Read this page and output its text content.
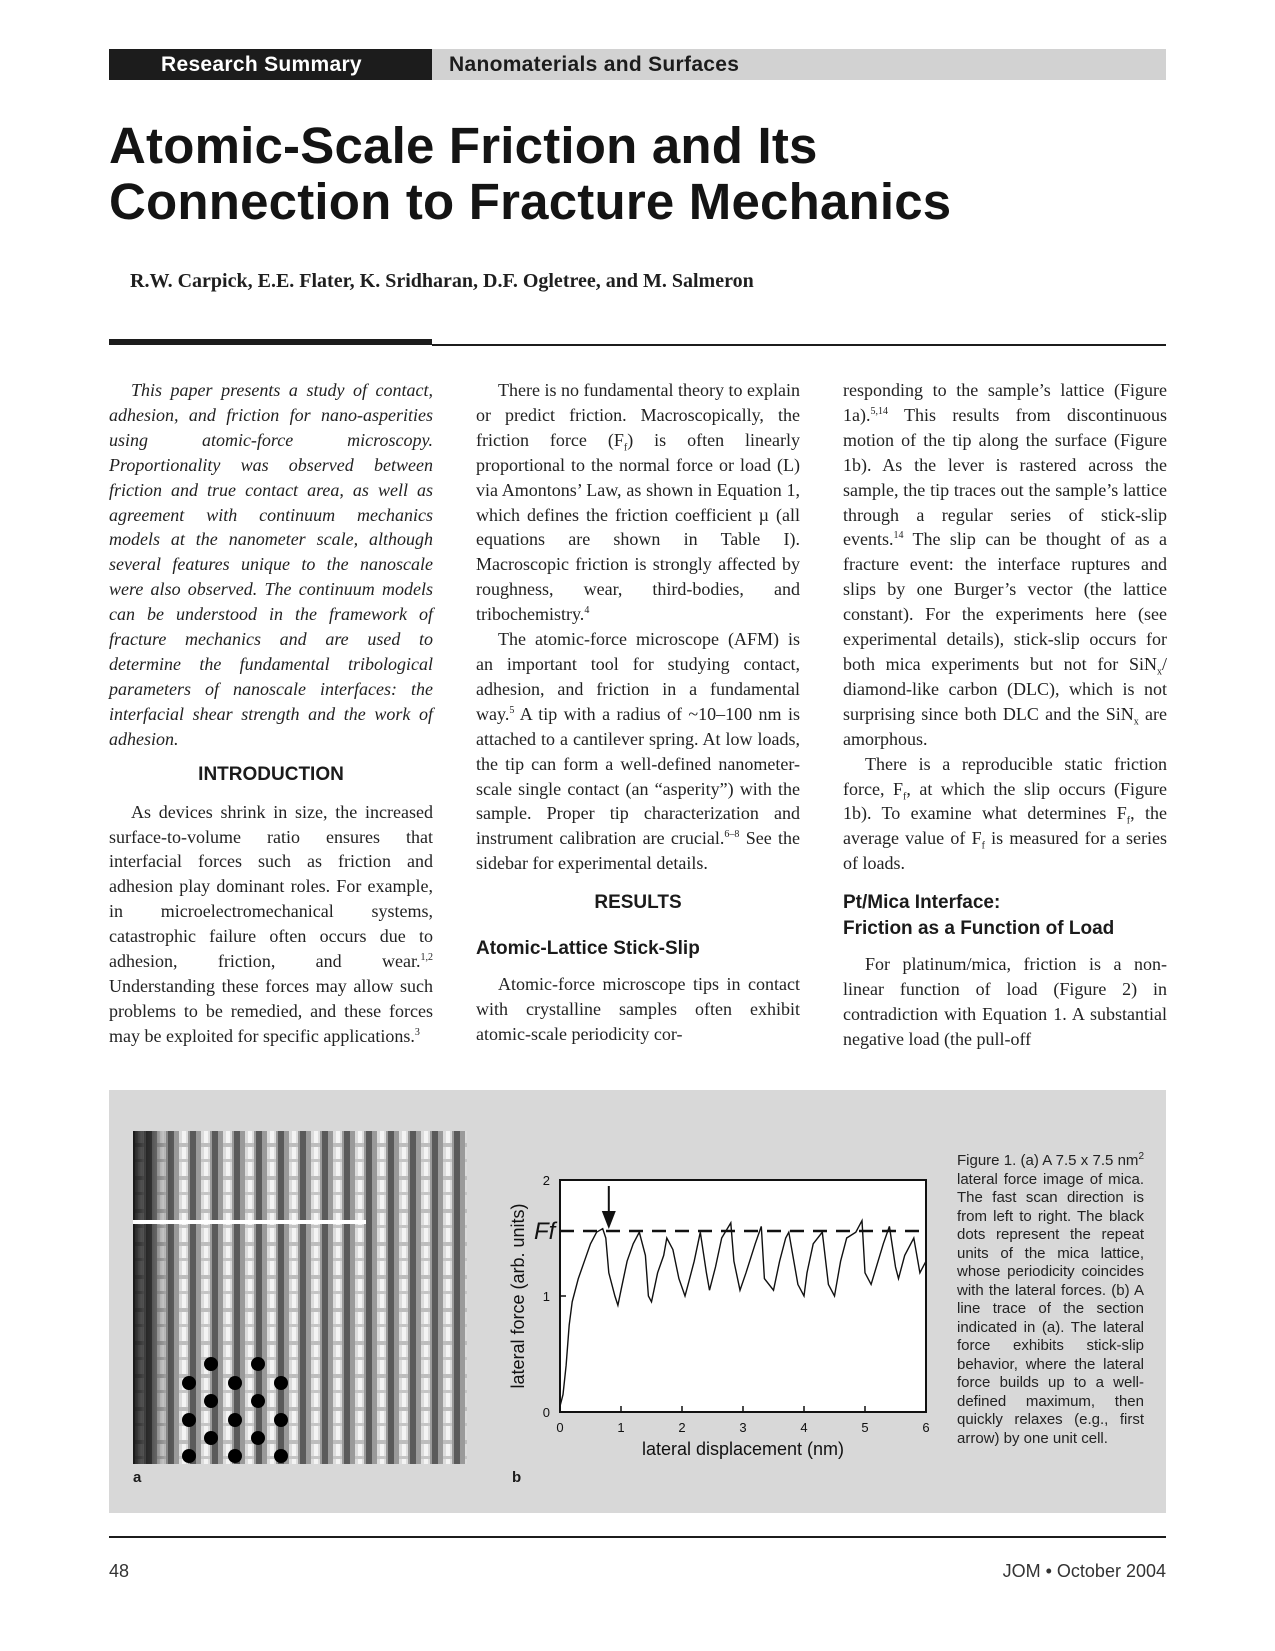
Research Summary	Nanomaterials and Surfaces
Atomic-Scale Friction and Its
Connection to Fracture Mechanics
R.W. Carpick, E.E. Flater, K. Sridharan, D.F. Ogletree, and M. Salmeron

This paper presents a study of contact, adhesion, and friction for nano-asperities using atomic-force microscopy. Proportionality was observed between friction and true contact area, as well as agreement with continuum mechanics models at the nanometer scale, although several features unique to the nanoscale were also observed. The continuum models can be understood in the framework of fracture mechanics and are used to determine the fundamental tribological parameters of nanoscale interfaces: the interfacial shear strength and the work of adhesion.

INTRODUCTION

As devices shrink in size, the increased surface-to-volume ratio ensures that interfacial forces such as friction and adhesion play dominant roles. For example, in microelectromechanical systems, catastrophic failure often occurs due to adhesion, friction, and wear.$^{1,2}$ Understanding these forces may allow such problems to be remedied, and these forces may be exploited for specific applications.$^3$

There is no fundamental theory to explain or predict friction. Macroscopically, the friction force $(F_f)$ is often linearly proportional to the normal force or load (L) via Amontons’ Law, as shown in Equation 1, which defines the friction coefficient µ (all equations are shown in Table I). Macroscopic friction is strongly affected by roughness, wear, third-bodies, and tribochemistry.$^4$

The atomic-force microscope (AFM) is an important tool for studying contact, adhesion, and friction in a fundamental way.$^5$ A tip with a radius of ~10–100 nm is attached to a cantilever spring. At low loads, the tip can form a well-defined nanometer-scale single contact (an “asperity”) with the sample. Proper tip characterization and instrument calibration are crucial.$^{6-8}$ See the sidebar for experimental details.

RESULTS
Atomic-Lattice Stick-Slip

Atomic-force microscope tips in contact with crystalline samples often exhibit atomic-scale periodicity cor-

responding to the sample’s lattice (Figure 1a).$^{5,14}$ This results from discontinuous motion of the tip along the surface (Figure 1b). As the lever is rastered across the sample, the tip traces out the sample’s lattice through a regular series of stick-slip events.$^{14}$ The slip can be thought of as a fracture event: the interface ruptures and slips by one Burger’s vector (the lattice constant). For the experiments here (see experimental details), stick-slip occurs for both mica experiments but not for SiN$_x$/ diamond-like carbon (DLC), which is not surprising since both DLC and the SiN$_x$ are amorphous.

There is a reproducible static friction force, $F_f$, at which the slip occurs (Figure 1b). To examine what determines $F_f$, the average value of $F_f$ is measured for a series of loads.

Pt/Mica Interface:
Friction as a Function of Load

For platinum/mica, friction is a non-linear function of load (Figure 2) in contradiction with Equation 1. A substantial negative load (the pull-off

a
0	1	2	3	4	5	6
0
1
2
Ff
lateral displacement (nm)
lateral force (arb. units)
b
Figure 1. (a) A 7.5 x 7.5 $nm^2$ lateral force image of mica. The fast scan direction is from left to right. The black dots represent the repeat units of the mica lattice, whose periodicity coincides with the lateral forces. (b) A line trace of the section indicated in (a). The lateral force exhibits stick-slip behavior, where the lateral force builds up to a well-defined maximum, then quickly relaxes (e.g., first arrow) by one unit cell.
48	JOM • October 2004
